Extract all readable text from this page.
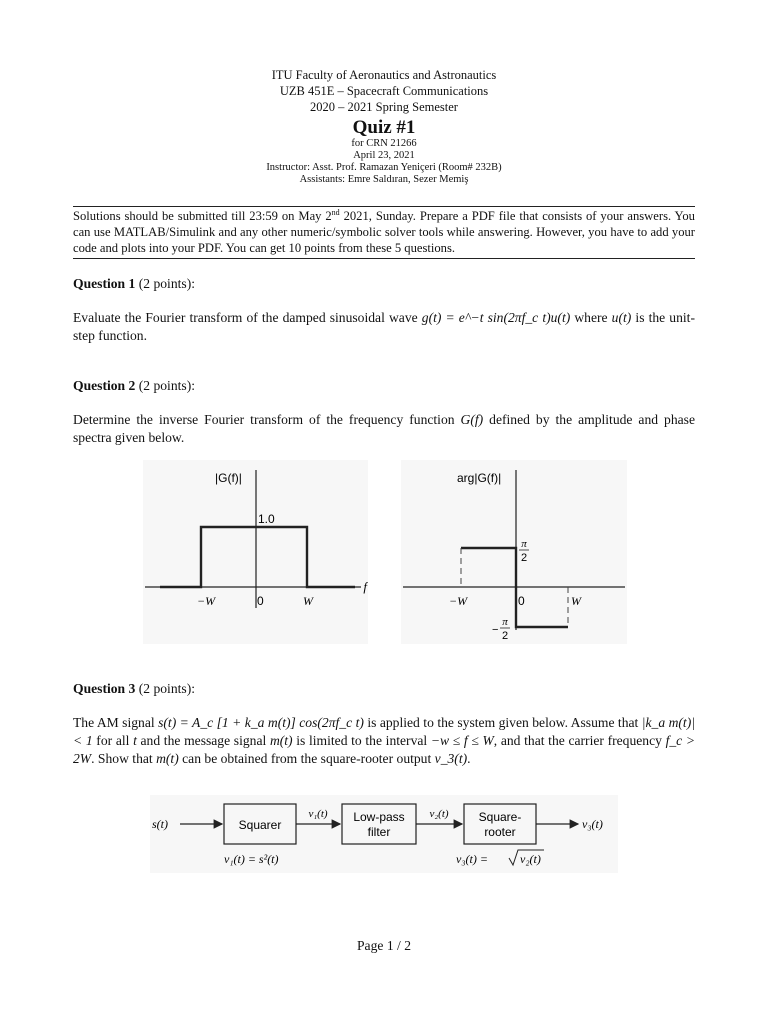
ITU Faculty of Aeronautics and Astronautics
UZB 451E – Spacecraft Communications
2020 – 2021 Spring Semester
Quiz #1
for CRN 21266
April 23, 2021
Instructor: Asst. Prof. Ramazan Yeniçeri (Room# 232B)
Assistants: Emre Saldıran, Sezer Memiş
Solutions should be submitted till 23:59 on May 2nd 2021, Sunday. Prepare a PDF file that consists of your answers. You can use MATLAB/Simulink and any other numeric/symbolic solver tools while answering. However, you have to add your code and plots into your PDF. You can get 10 points from these 5 questions.
Question 1 (2 points):
Evaluate the Fourier transform of the damped sinusoidal wave g(t) = e^−t sin(2πf_c t)u(t) where u(t) is the unit-step function.
Question 2 (2 points):
Determine the inverse Fourier transform of the frequency function G(f) defined by the amplitude and phase spectra given below.
|G(f)|
1.0
f
−W	0	W
arg|G(f)|
π
2
−
π
2
−W	0	W
Question 3 (2 points):
The AM signal s(t) = A_c [1 + k_a m(t)] cos(2πf_c t) is applied to the system given below. Assume that |k_a m(t)| < 1 for all t and the message signal m(t) is limited to the interval −w ≤ f ≤ W, and that the carrier frequency f_c > 2W. Show that m(t) can be obtained from the square-rooter output v_3(t).
s(t)	Squarer
v₁(t) Low-pass
filter
v₂(t)	Square-
rooter
v₃(t)
v₁(t) = s²(t)	v₃(t) =	v₂(t)
Page 1 / 2
